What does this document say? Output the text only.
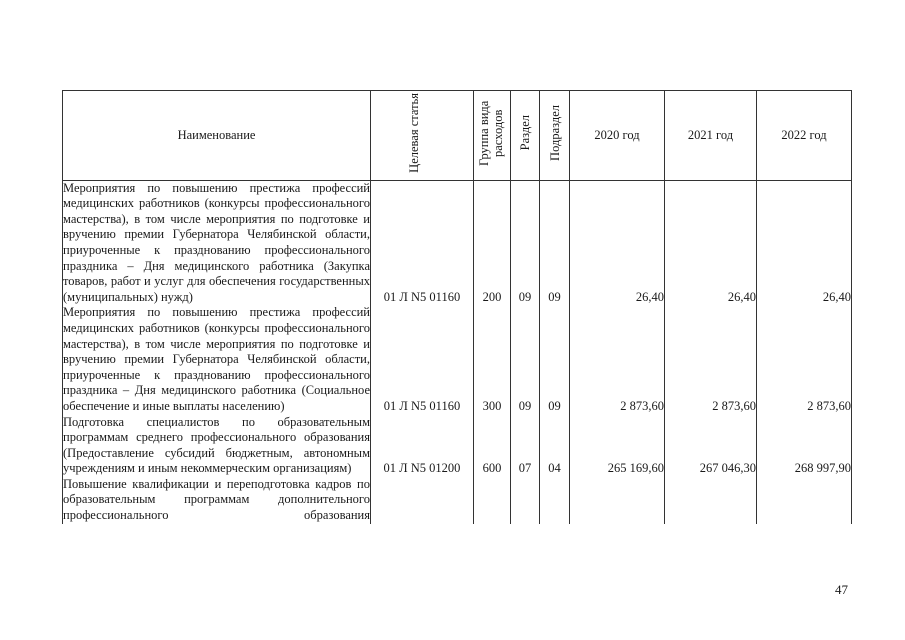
Наименование	Целевая статья	Группа вида расходов	Раздел	Подраздел	2020 год	2021 год	2022 год
Мероприятия по повышению престижа профессий медицинских работников (конкурсы профессионального мастерства), в том числе мероприятия по подготовке и вручению премии Губернатора Челябинской области, приуроченные к празднованию профессионального праздника – Дня медицинского работника (Закупка товаров, работ и услуг для обеспечения государственных (муниципальных) нужд)	01 Л N5 01160	200	09	09	26,40	26,40	26,40
Мероприятия по повышению престижа профессий медицинских работников (конкурсы профессионального мастерства), в том числе мероприятия по подготовке и вручению премии Губернатора Челябинской области, приуроченные к празднованию профессионального праздника – Дня медицинского работника (Социальное обеспечение и иные выплаты населению)	01 Л N5 01160	300	09	09	2 873,60	2 873,60	2 873,60
Подготовка специалистов по образовательным программам среднего профессионального образования (Предоставление субсидий бюджетным, автономным учреждениям и иным некоммерческим организациям)	01 Л N5 01200	600	07	04	265 169,60	267 046,30	268 997,90

Повышение квалификации и переподготовка кадров по образовательным программам дополнительного профессионального образования							

47
